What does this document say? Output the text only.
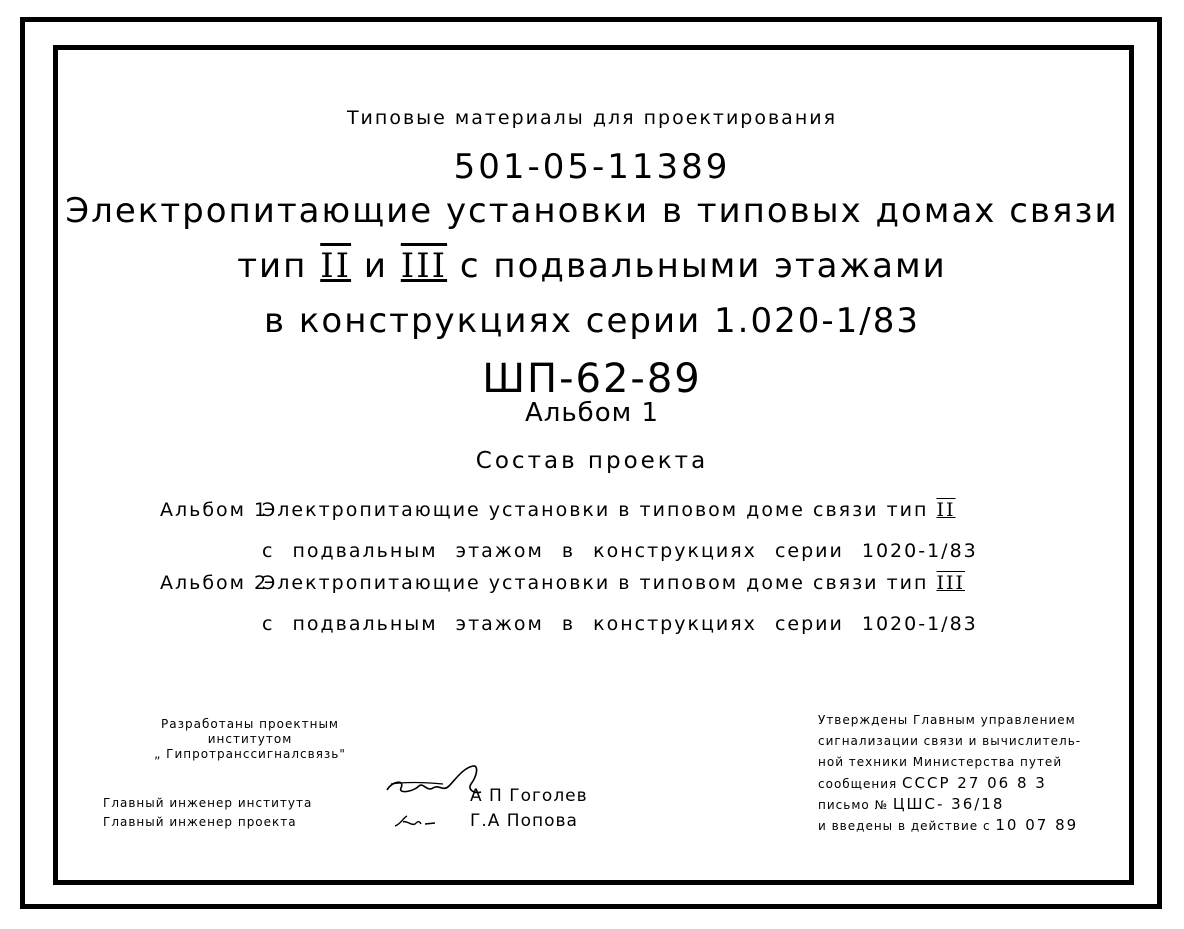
Типовые материалы для проектирования
501-05-11389
Электропитающие установки в типовых домах связи
тип II и III с подвальными этажами
в конструкциях серии 1.020-1/83
ШП-62-89
Альбом 1
Состав проекта
Альбом 1Электропитающие установки в типовом доме связи тип II
с подвальным этажом в конструкциях серии 1020-1/83
Альбом 2Электропитающие установки в типовом доме связи тип III
с подвальным этажом в конструкциях серии 1020-1/83
Разработаны проектным
институтом
„ Гипротранссигналсвязь"
Главный инженер института
Главный инженер проекта
А П Гоголев
Г.А Попова
Утверждены Главным управлением
сигнализации связи и вычислитель-
ной техники Министерства путей
сообщения СССР 27 06 8 3
письмо № ЦШС- 36/18
и введены в действие с 10 07 89
